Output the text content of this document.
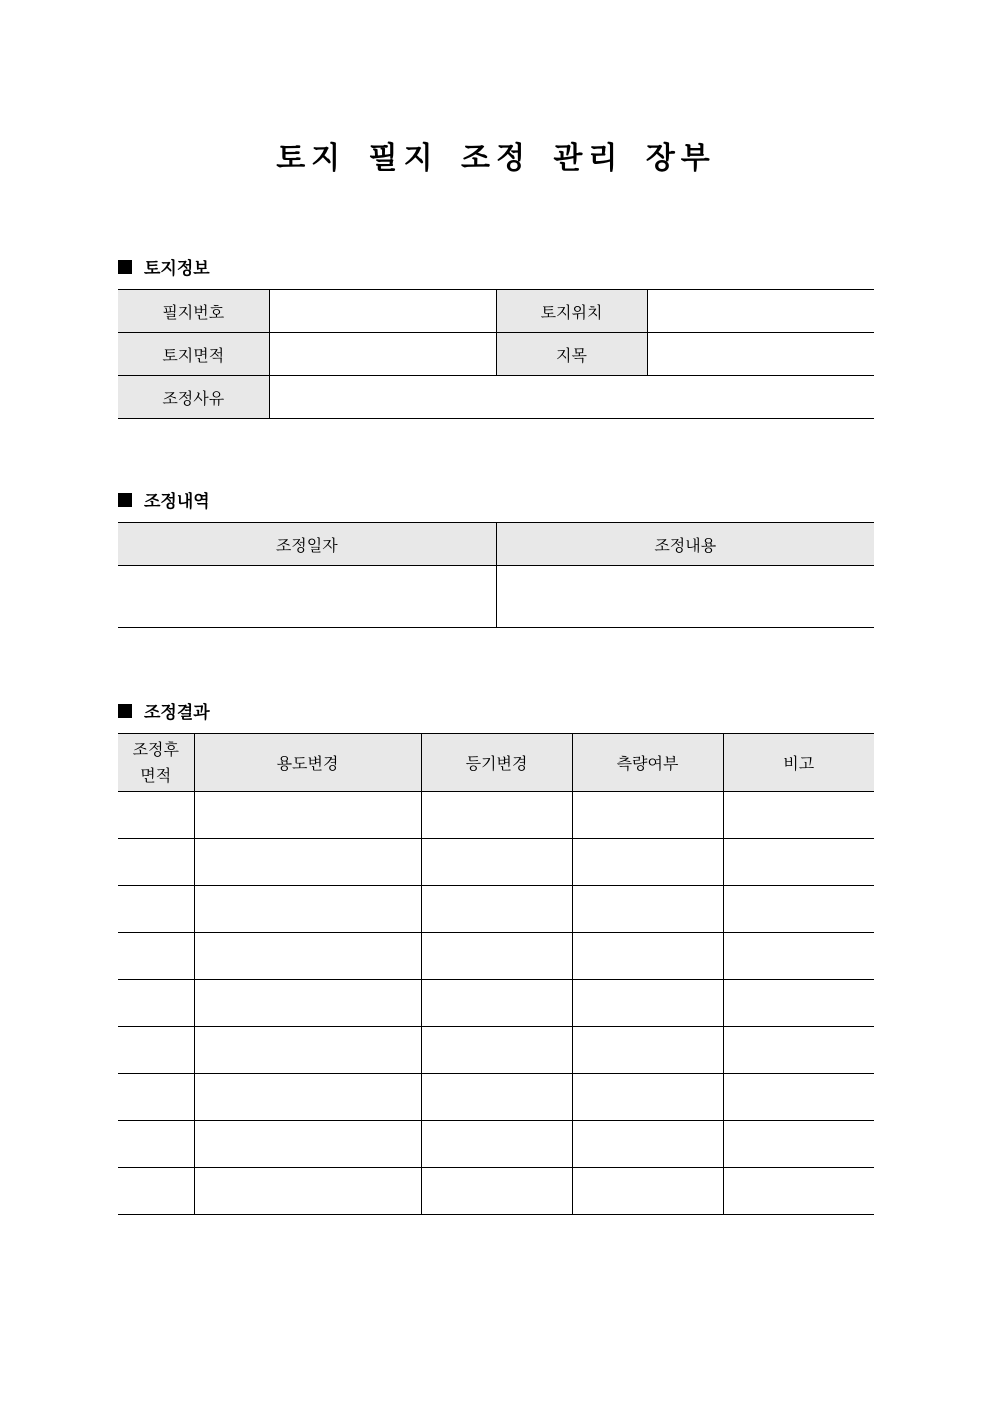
토지 필지 조정 관리 장부
토지정보
필지번호		토지위치	
토지면적		지목	
조정사유			
조정내역
조정일자	조정내용

조정결과
조정후
면적	용도변경	등기변경	측량여부	비고
